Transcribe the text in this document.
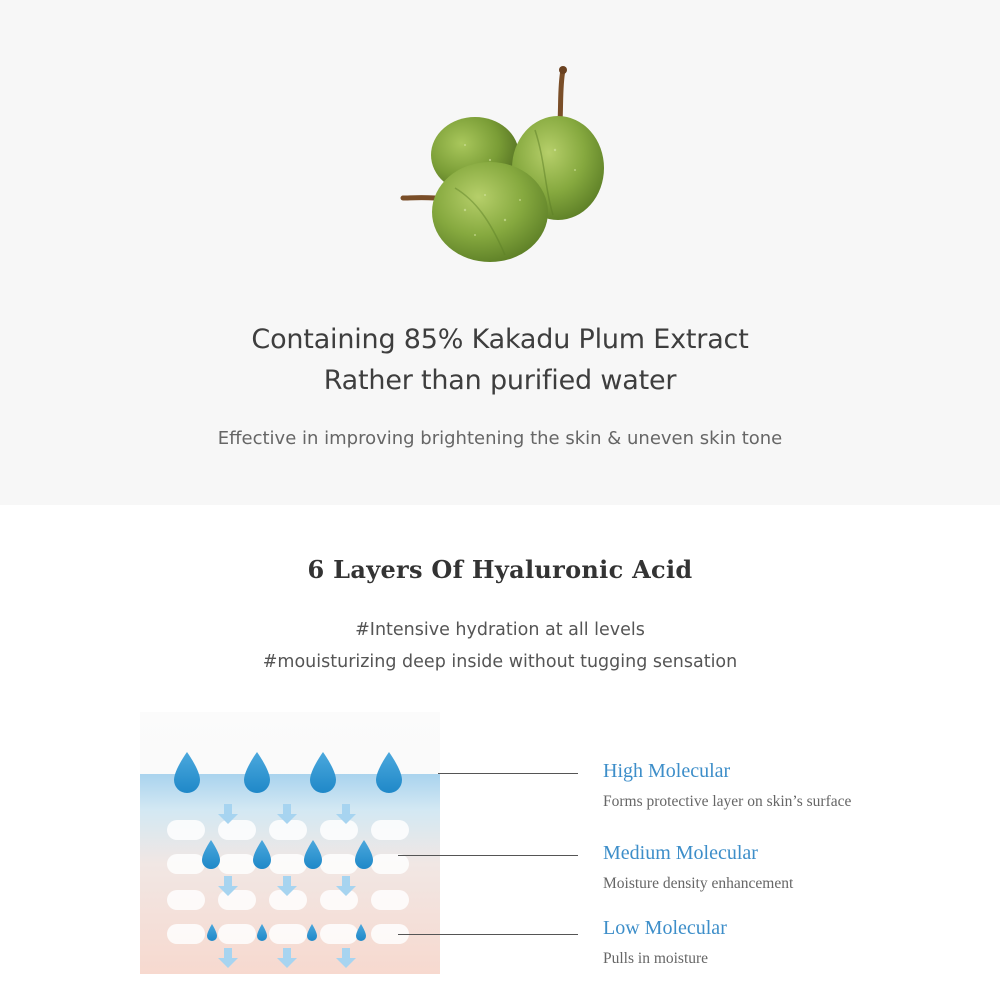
Containing 85% Kakadu Plum Extract
Rather than purified water
Effective in improving brightening the skin & uneven skin tone
6 Layers Of Hyaluronic Acid
#Intensive hydration at all levels
#mouisturizing deep inside without tugging sensation
High Molecular
Forms protective layer on skin’s surface
Medium Molecular
Moisture density enhancement
Low Molecular
Pulls in moisture
